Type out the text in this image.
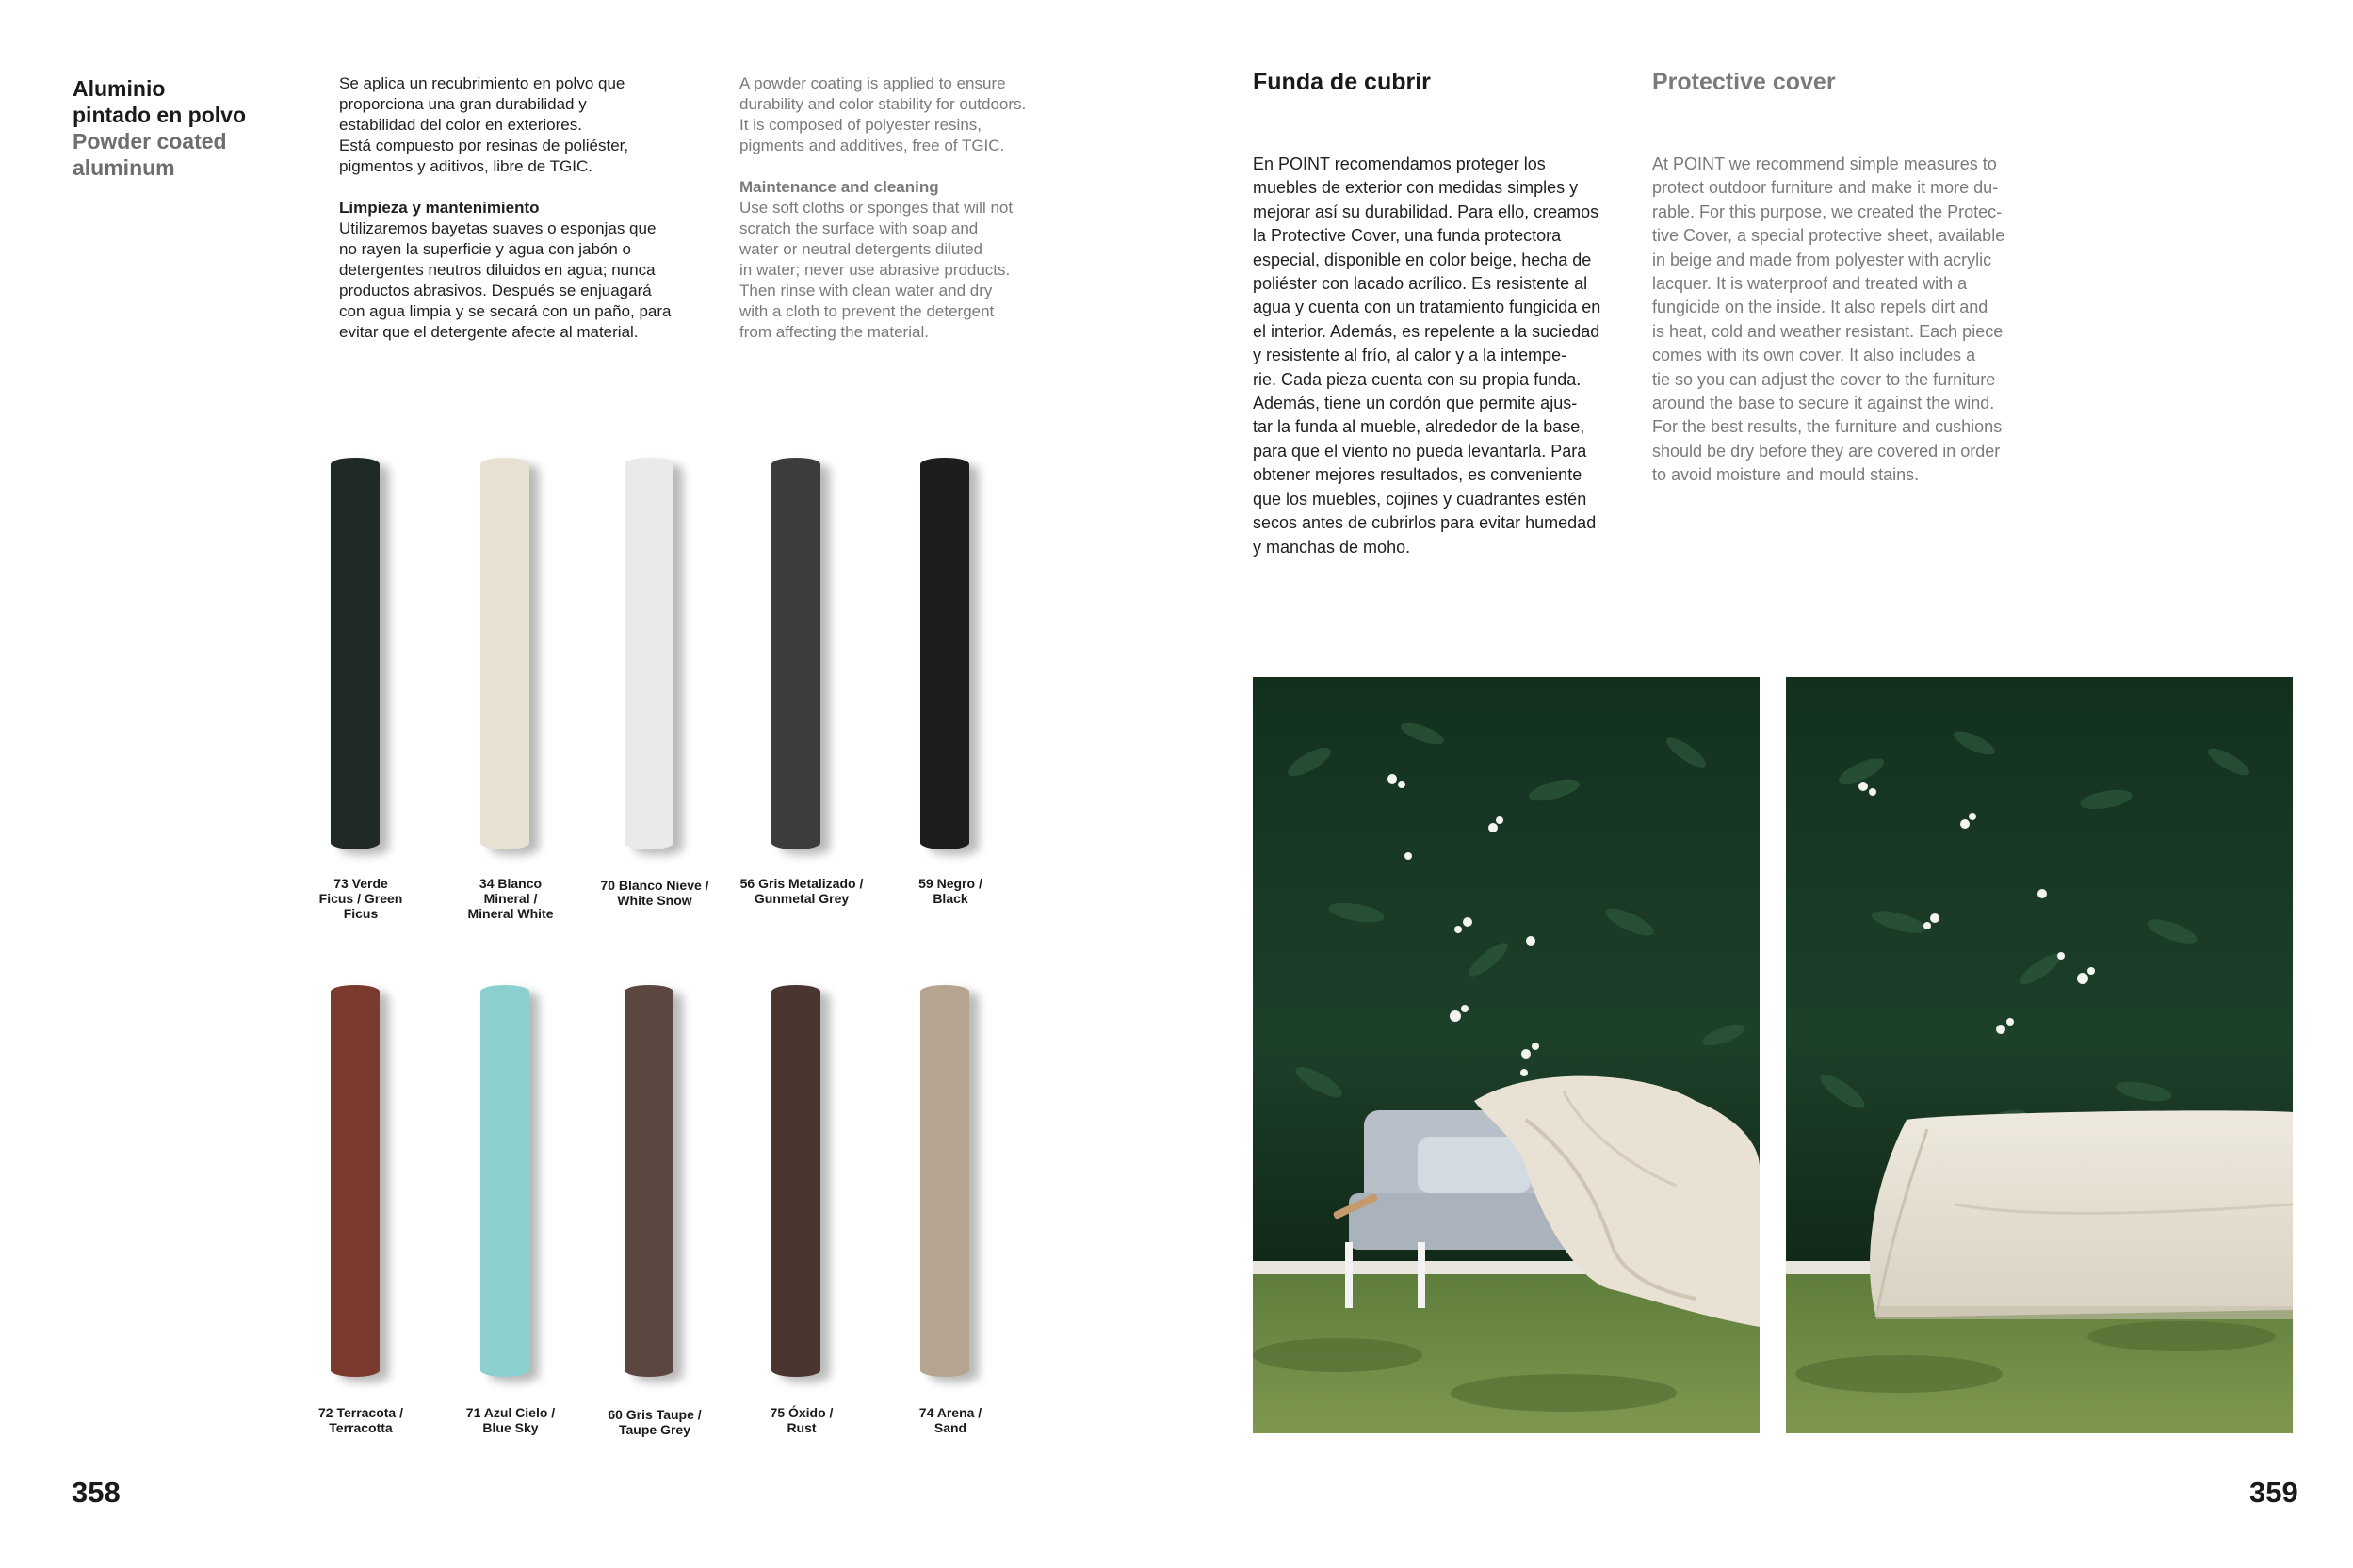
Aluminio
pintado en polvo
Powder coated
aluminum

Se aplica un recubrimiento en polvo que

proporciona una gran durabilidad y

estabilidad del color en exteriores.

Está compuesto por resinas de poliéster,

pigmentos y aditivos, libre de TGIC.

Limpieza y mantenimiento

Utilizaremos bayetas suaves o esponjas que

no rayen la superficie y agua con jabón o

detergentes neutros diluidos en agua; nunca

productos abrasivos. Después se enjuagará

con agua limpia y se secará con un paño, para

evitar que el detergente afecte al material.

A powder coating is applied to ensure

durability and color stability for outdoors.

It is composed of polyester resins,

pigments and additives, free of TGIC.

Maintenance and cleaning

Use soft cloths or sponges that will not

scratch the surface with soap and

water or neutral detergents diluted

in water; never use abrasive products.

Then rinse with clean water and dry

with a cloth to prevent the detergent

from affecting the material.

73 Verde
Ficus / Green
Ficus
34 Blanco
Mineral /
Mineral White
70 Blanco Nieve /
White Snow
56 Gris Metalizado /
Gunmetal Grey
59 Negro /
Black
72 Terracota /
Terracotta
71 Azul Cielo /
Blue Sky
60 Gris Taupe /
Taupe Grey
75 Óxido /
Rust
74 Arena /
Sand
358
Funda de cubrir	Protective cover

En POINT recomendamos proteger los

muebles de exterior con medidas simples y

mejorar así su durabilidad. Para ello, creamos

la Protective Cover, una funda protectora

especial, disponible en color beige, hecha de

poliéster con lacado acrílico. Es resistente al

agua y cuenta con un tratamiento fungicida en

el interior. Además, es repelente a la suciedad

y resistente al frío, al calor y a la intempe-

rie. Cada pieza cuenta con su propia funda.

Además, tiene un cordón que permite ajus-

tar la funda al mueble, alrededor de la base,

para que el viento no pueda levantarla. Para

obtener mejores resultados, es conveniente

que los muebles, cojines y cuadrantes estén

secos antes de cubrirlos para evitar humedad

y manchas de moho.

At POINT we recommend simple measures to

protect outdoor furniture and make it more du-

rable. For this purpose, we created the Protec-

tive Cover, a special protective sheet, available

in beige and made from polyester with acrylic

lacquer. It is waterproof and treated with a

fungicide on the inside. It also repels dirt and

is heat, cold and weather resistant. Each piece

comes with its own cover. It also includes a

tie so you can adjust the cover to the furniture

around the base to secure it against the wind.

For the best results, the furniture and cushions

should be dry before they are covered in order

to avoid moisture and mould stains.

359
